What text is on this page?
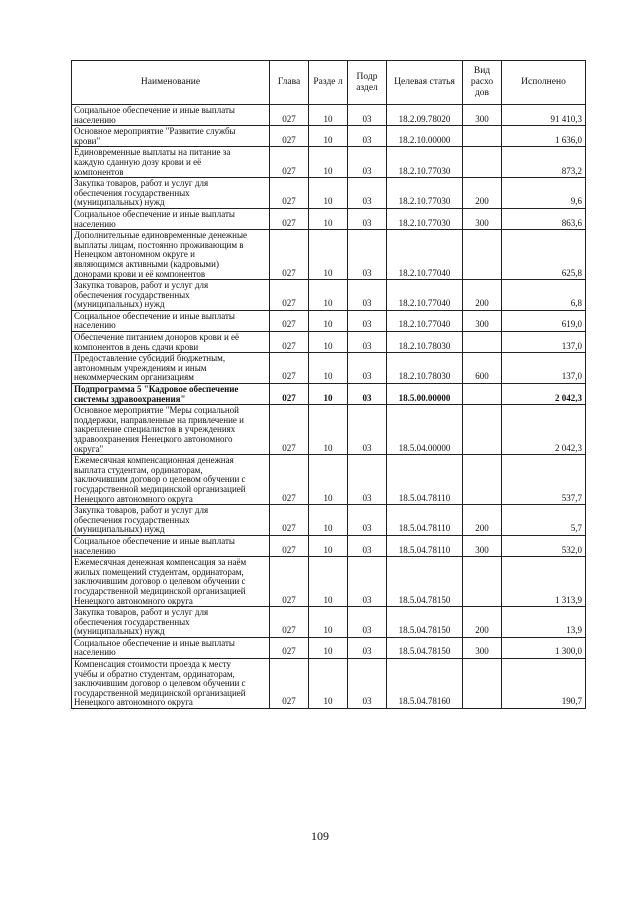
Наименование	Глава	Разде л	Подр аздел	Целевая статья	Вид расхо дов	Исполнено

Социальное обеспечение и иные выплаты
населению	027	10	03	18.2.09.78020	300	91 410,3

Основное мероприятие "Развитие службы
крови"	027	10	03	18.2.10.00000		1 636,0

Единовременные выплаты на питание за
каждую сданную дозу крови и её
компонентов	027	10	03	18.2.10.77030		873,2

Закупка товаров, работ и услуг для
обеспечения государственных
(муниципальных) нужд	027	10	03	18.2.10.77030	200	9,6

Социальное обеспечение и иные выплаты
населению	027	10	03	18.2.10.77030	300	863,6

Дополнительные единовременные денежные
выплаты лицам, постоянно проживающим в
Ненецком автономном округе и
являющимся активными (кадровыми)
донорами крови и её компонентов	027	10	03	18.2.10.77040		625,8

Закупка товаров, работ и услуг для
обеспечения государственных
(муниципальных) нужд	027	10	03	18.2.10.77040	200	6,8

Социальное обеспечение и иные выплаты
населению	027	10	03	18.2.10.77040	300	619,0

Обеспечение питанием доноров крови и её
компонентов в день сдачи крови	027	10	03	18.2.10.78030		137,0

Предоставление субсидий бюджетным,
автономным учреждениям и иным
некоммерческим организациям	027	10	03	18.2.10.78030	600	137,0

Подпрограмма 5 "Кадровое обеспечение
системы здравоохранения"	027	10	03	18.5.00.00000		2 042,3

Основное мероприятие "Меры социальной
поддержки, направленные на привлечение и
закрепление специалистов в учреждениях
здравоохранения Ненецкого автономного
округа"	027	10	03	18.5.04.00000		2 042,3

Ежемесячная компенсационная денежная
выплата студентам, ординаторам,
заключившим договор о целевом обучении с
государственной медицинской организацией
Ненецкого автономного округа	027	10	03	18.5.04.78110		537,7

Закупка товаров, работ и услуг для
обеспечения государственных
(муниципальных) нужд	027	10	03	18.5.04.78110	200	5,7

Социальное обеспечение и иные выплаты
населению	027	10	03	18.5.04.78110	300	532,0

Ежемесячная денежная компенсация за наём
жилых помещений студентам, ординаторам,
заключившим договор о целевом обучении с
государственной медицинской организацией
Ненецкого автономного округа	027	10	03	18.5.04.78150		1 313,9

Закупка товаров, работ и услуг для
обеспечения государственных
(муниципальных) нужд	027	10	03	18.5.04.78150	200	13,9

Социальное обеспечение и иные выплаты
населению	027	10	03	18.5.04.78150	300	1 300,0

Компенсация стоимости проезда к месту
учёбы и обратно студентам, ординаторам,
заключившим договор о целевом обучении с
государственной медицинской организацией
Ненецкого автономного округа	027	10	03	18.5.04.78160		190,7
109
